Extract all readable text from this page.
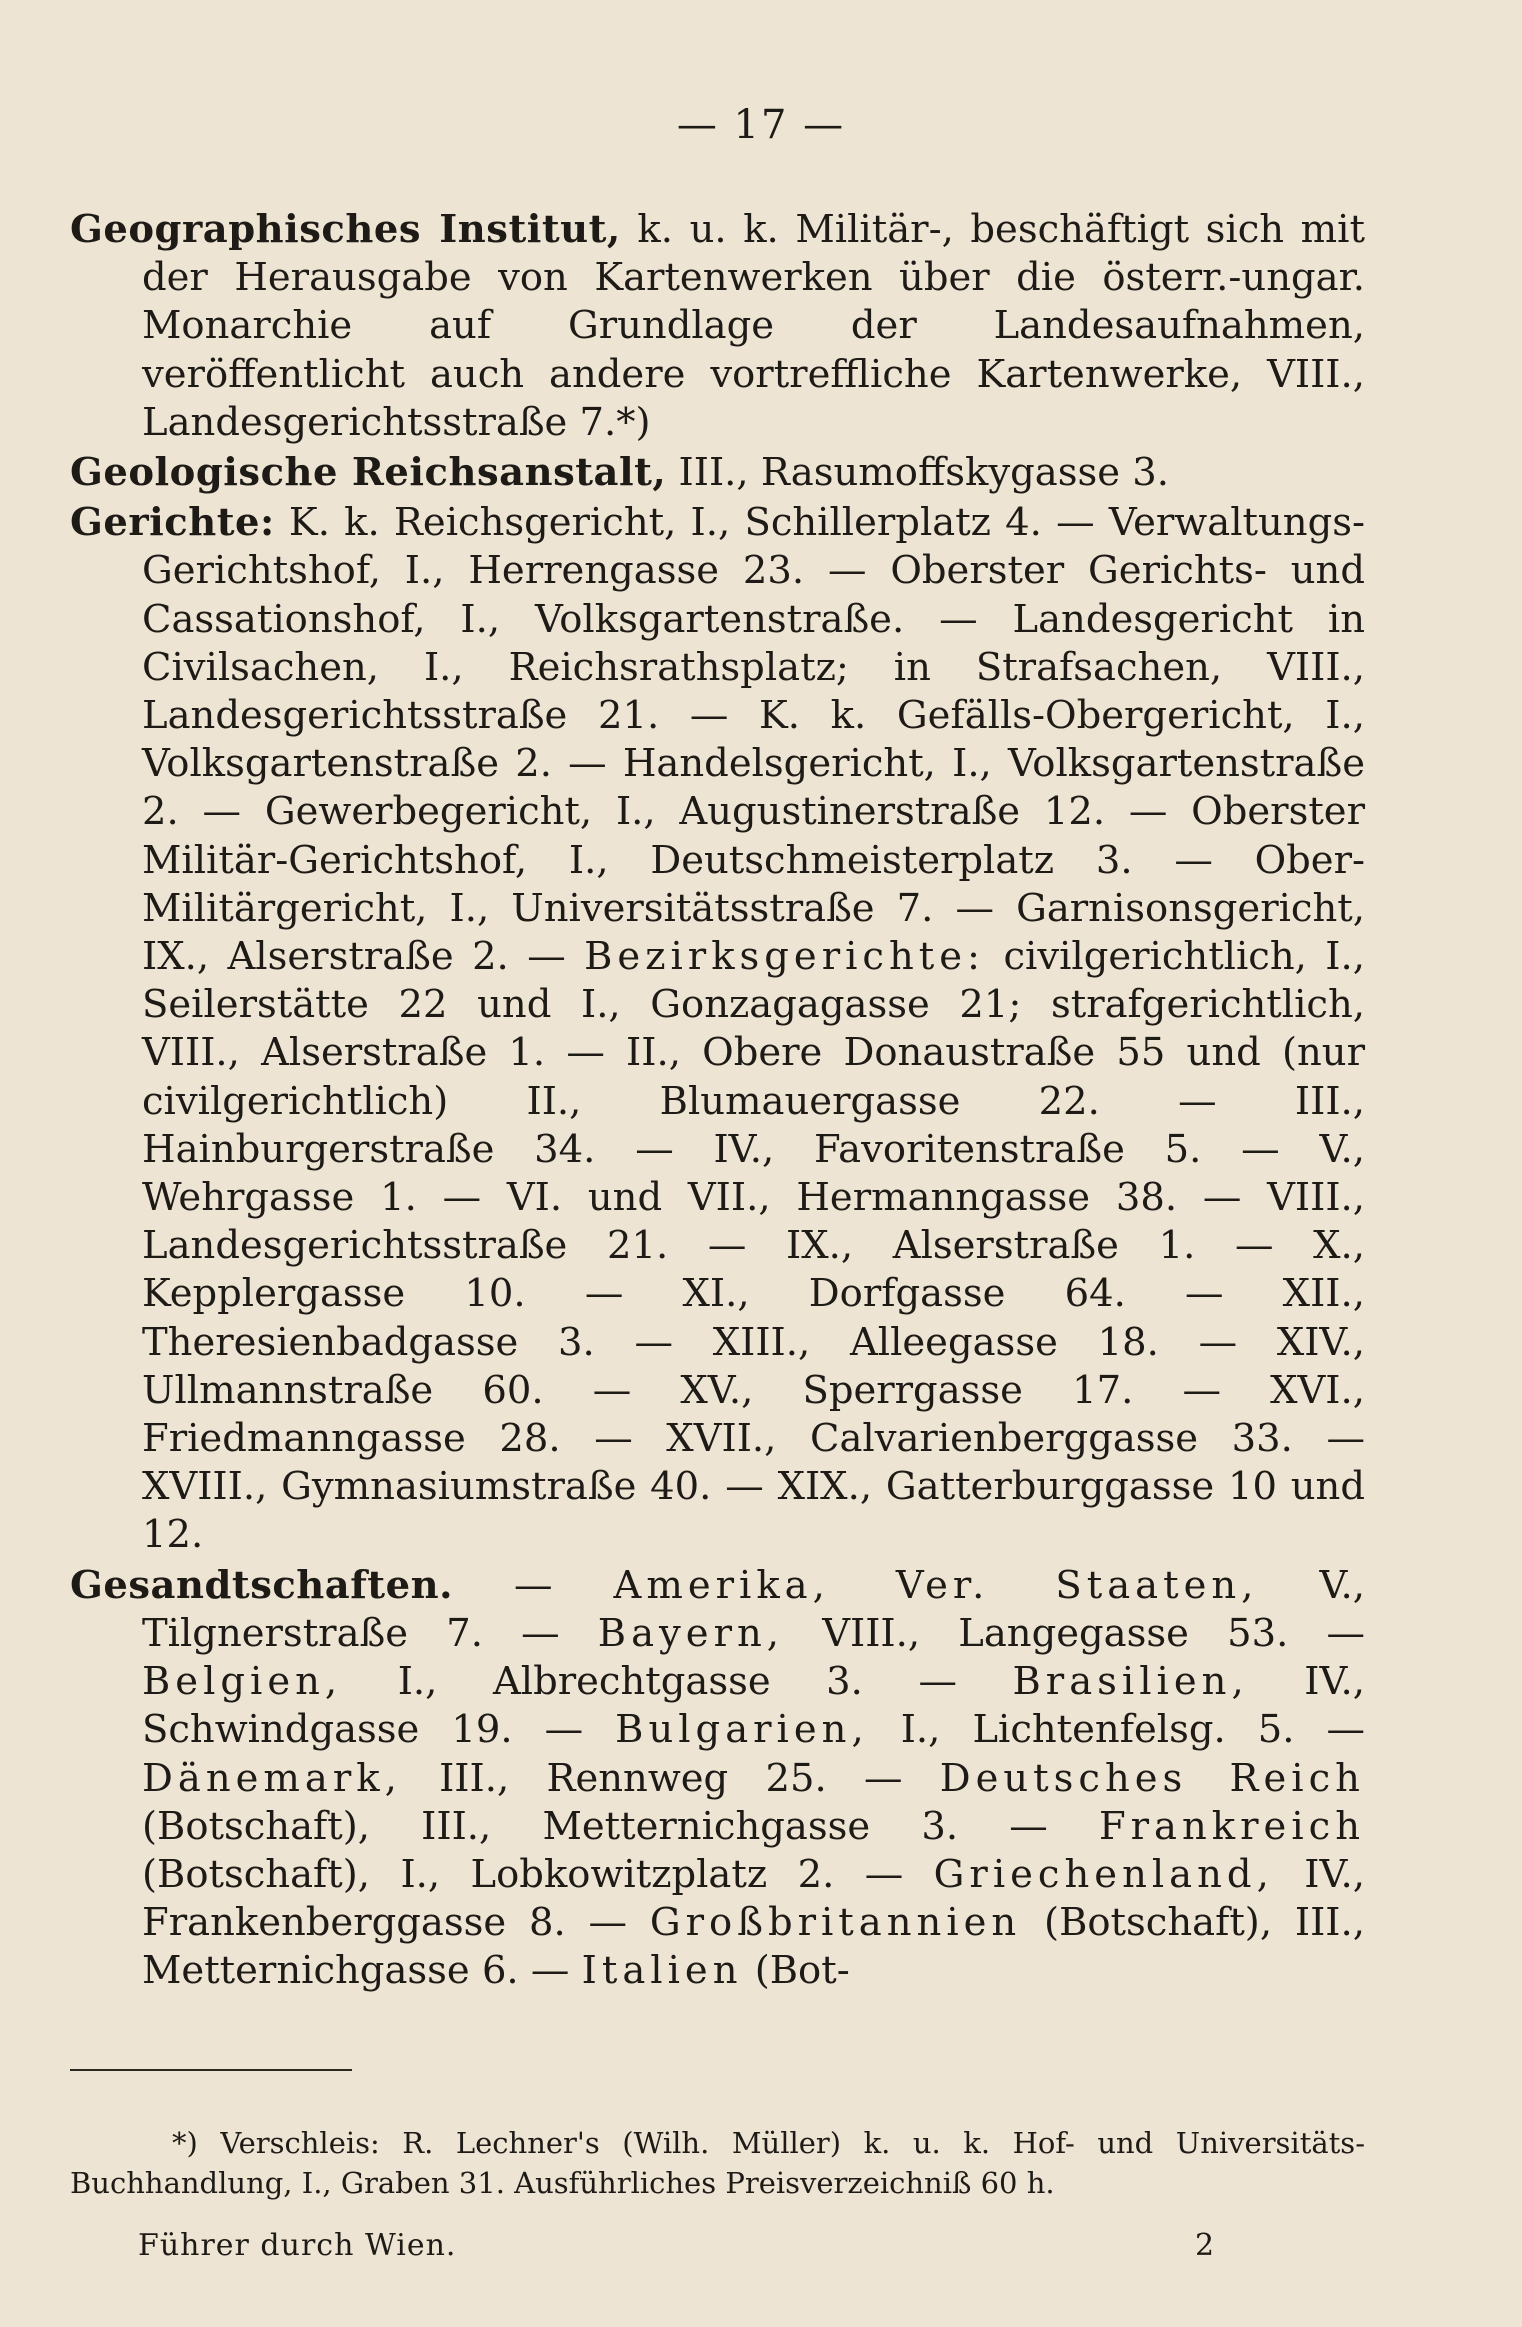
— 17 —

Geographisches Institut, k. u. k. Militär-, beschäftigt sich mit der Herausgabe von Kartenwerken über die österr.-ungar. Monarchie auf Grundlage der Landesaufnahmen, veröffentlicht auch andere vortreffliche Kartenwerke, VIII., Landesgerichtsstraße 7.*)

Geologische Reichsanstalt, III., Rasumoffskygasse 3.

Gerichte: K. k. Reichsgericht, I., Schillerplatz 4. — Verwaltungs-Gerichtshof, I., Herrengasse 23. — Oberster Gerichts- und Cassationshof, I., Volksgartenstraße. — Landesgericht in Civilsachen, I., Reichsrathsplatz; in Strafsachen, VIII., Landesgerichtsstraße 21. — K. k. Gefälls-Obergericht, I., Volksgartenstraße 2. — Handelsgericht, I., Volksgartenstraße 2. — Gewerbegericht, I., Augustinerstraße 12. — Oberster Militär-Gerichtshof, I., Deutschmeisterplatz 3. — Ober-Militärgericht, I., Universitätsstraße 7. — Garnisonsgericht, IX., Alserstraße 2. — Bezirksgerichte: civilgerichtlich, I., Seilerstätte 22 und I., Gonzagagasse 21; strafgerichtlich, VIII., Alserstraße 1. — II., Obere Donaustraße 55 und (nur civilgerichtlich) II., Blumauergasse 22. — III., Hainburgerstraße 34. — IV., Favoritenstraße 5. — V., Wehrgasse 1. — VI. und VII., Hermanngasse 38. — VIII., Landesgerichtsstraße 21. — IX., Alserstraße 1. — X., Kepplergasse 10. — XI., Dorfgasse 64. — XII., Theresienbadgasse 3. — XIII., Alleegasse 18. — XIV., Ullmannstraße 60. — XV., Sperrgasse 17. — XVI., Friedmanngasse 28. — XVII., Calvarienberggasse 33. — XVIII., Gymnasiumstraße 40. — XIX., Gatterburggasse 10 und 12.

Gesandtschaften. — Amerika, Ver. Staaten, V., Tilgnerstraße 7. — Bayern, VIII., Langegasse 53. — Belgien, I., Albrechtgasse 3. — Brasilien, IV., Schwindgasse 19. — Bulgarien, I., Lichtenfelsg. 5. — Dänemark, III., Rennweg 25. — Deutsches Reich (Botschaft), III., Metternichgasse 3. — Frankreich (Botschaft), I., Lobkowitzplatz 2. — Griechenland, IV., Frankenberggasse 8. — Großbritannien (Botschaft), III., Metternichgasse 6. — Italien (Bot-

*) Verschleis: R. Lechner's (Wilh. Müller) k. u. k. Hof- und Universitäts-Buchhandlung, I., Graben 31. Ausführliches Preisverzeichniß 60 h.

Führer durch Wien.	2
